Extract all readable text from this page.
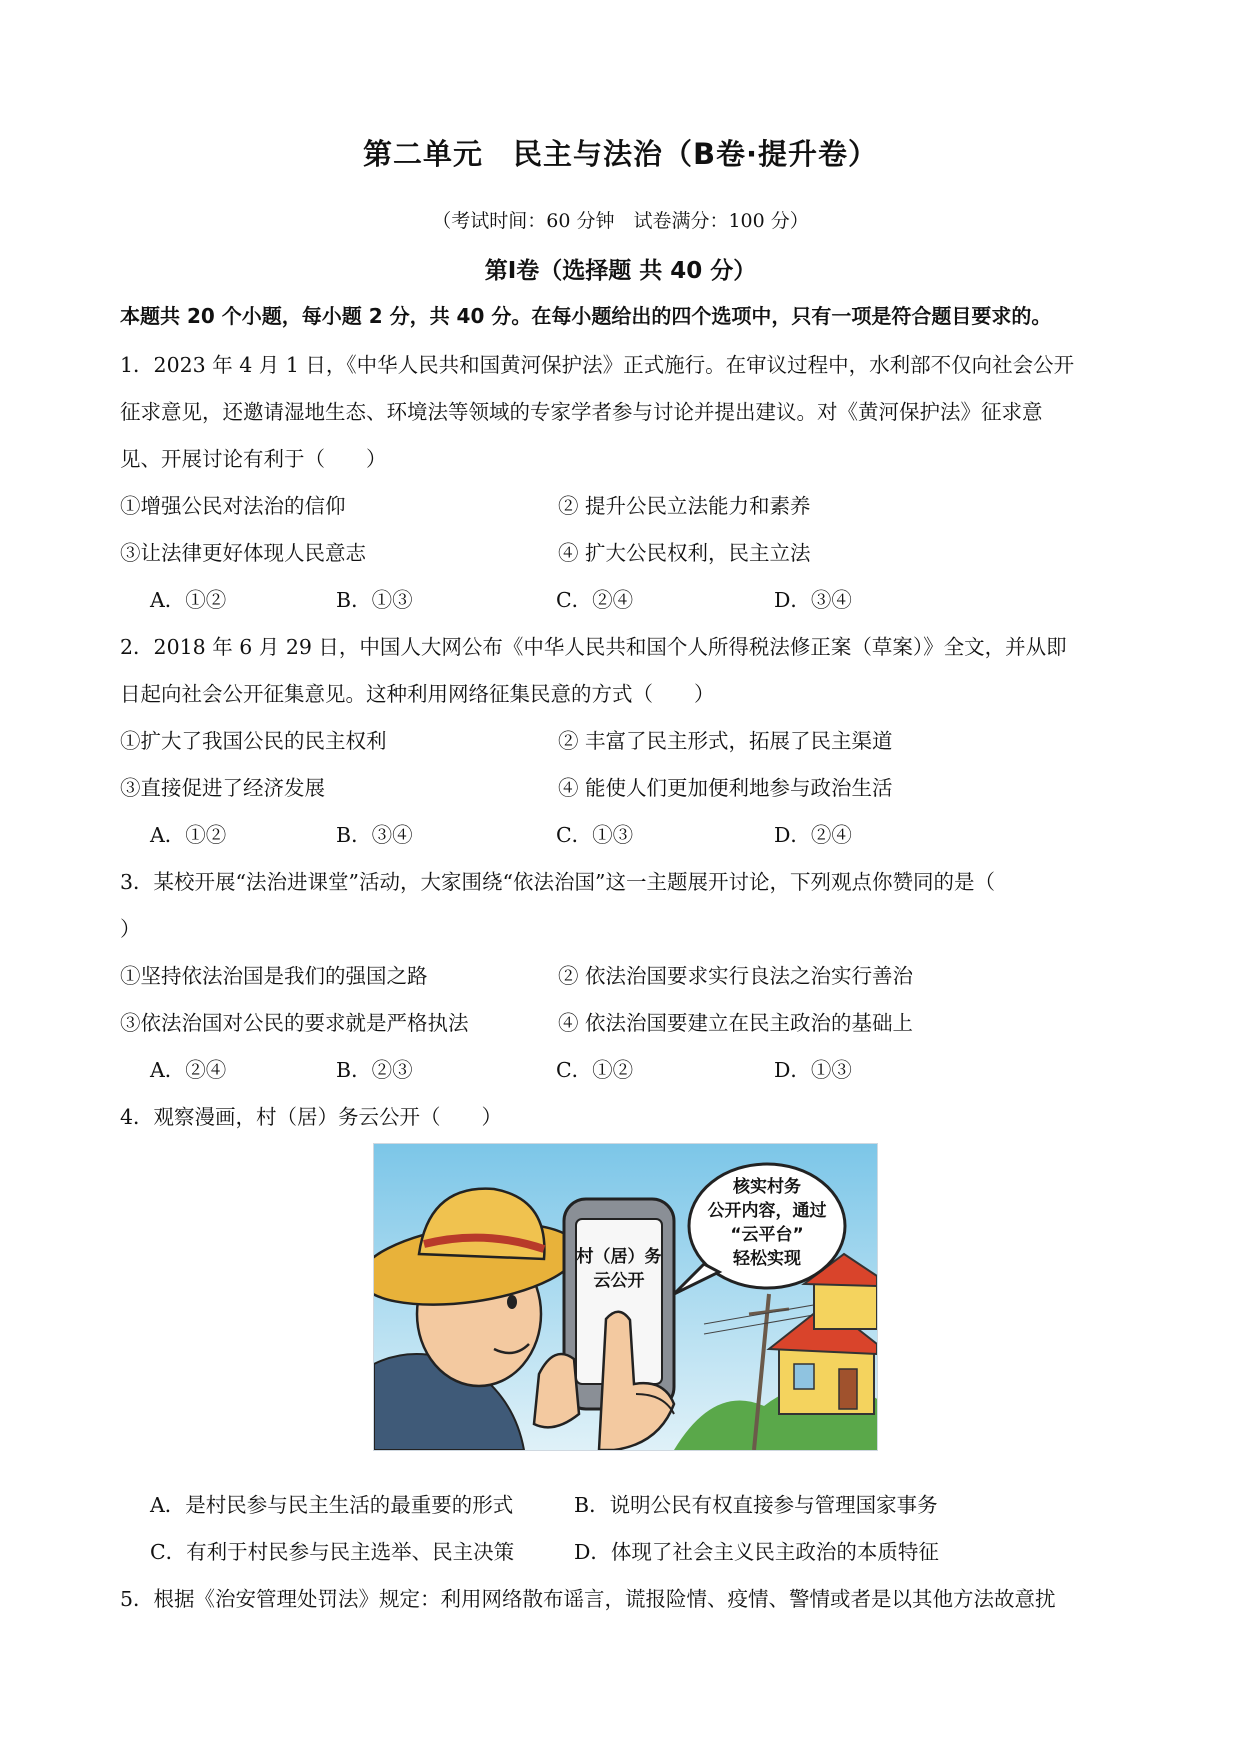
第二单元　民主与法治（B卷·提升卷）
（考试时间：60 分钟　试卷满分：100 分）
第Ⅰ卷（选择题 共 40 分）
本题共 20 个小题，每小题 2 分，共 40 分。在每小题给出的四个选项中，只有一项是符合题目要求的。
1．2023 年 4 月 1 日，《中华人民共和国黄河保护法》正式施行。在审议过程中，水利部不仅向社会公开
征求意见，还邀请湿地生态、环境法等领域的专家学者参与讨论并提出建议。对《黄河保护法》征求意
见、开展讨论有利于（　　）
①增强公民对法治的信仰	② 提升公民立法能力和素养
③让法律更好体现人民意志	④ 扩大公民权利，民主立法
A．①②	B．①③	C．②④	D．③④
2．2018 年 6 月 29 日，中国人大网公布《中华人民共和国个人所得税法修正案（草案）》全文，并从即
日起向社会公开征集意见。这种利用网络征集民意的方式（　　）
①扩大了我国公民的民主权利	② 丰富了民主形式，拓展了民主渠道
③直接促进了经济发展	④ 能使人们更加便利地参与政治生活
A．①②	B．③④	C．①③	D．②④
3．某校开展“法治进课堂”活动，大家围绕“依法治国”这一主题展开讨论，下列观点你赞同的是（
）
①坚持依法治国是我们的强国之路	② 依法治国要求实行良法之治实行善治
③依法治国对公民的要求就是严格执法	④ 依法治国要建立在民主政治的基础上
A．②④	B．②③	C．①②	D．①③
4．观察漫画，村（居）务云公开（　　）
核实村务
公开内容，通过
“云平台”
轻松实现
村（居）务
云公开
A．是村民参与民主生活的最重要的形式	B．说明公民有权直接参与管理国家事务
C．有利于村民参与民主选举、民主决策	D．体现了社会主义民主政治的本质特征
5．根据《治安管理处罚法》规定：利用网络散布谣言，谎报险情、疫情、警情或者是以其他方法故意扰
